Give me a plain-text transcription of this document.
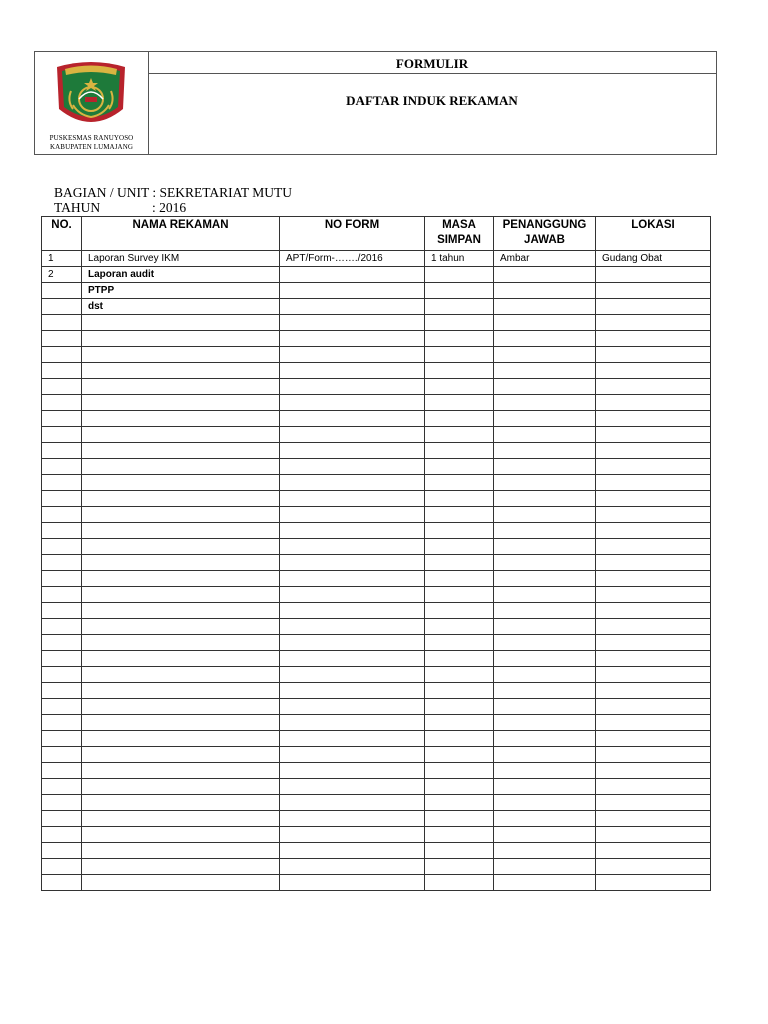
PUSKESMAS RANUYOSO
KABUPATEN LUMAJANG
FORMULIR
DAFTAR INDUK REKAMAN
BAGIAN / UNIT : SEKRETARIAT MUTU
TAHUN	: 2016
NO.	NAMA REKAMAN	NO FORM	MASA SIMPAN	PENANGGUNG JAWAB	LOKASI
1	Laporan Survey IKM	APT/Form-……./2016	1 tahun	Ambar	Gudang Obat
2	Laporan audit				
	PTPP				
	dst				
